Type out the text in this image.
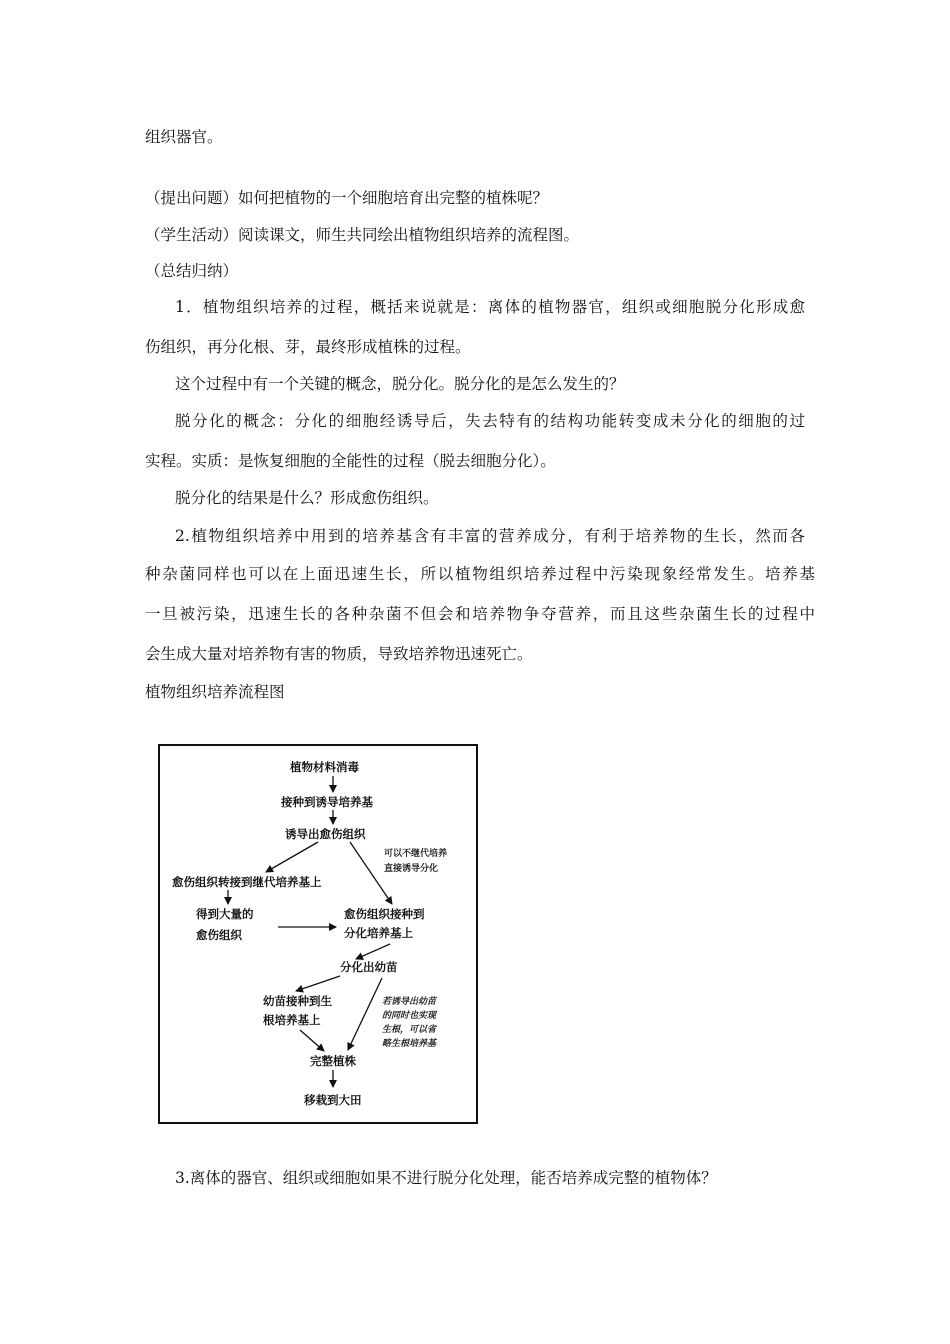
组织器官。

（提出问题）如何把植物的一个细胞培育出完整的植株呢？

（学生活动）阅读课文，师生共同绘出植物组织培养的流程图。

（总结归纳）

1．植物组织培养的过程，概括来说就是：离体的植物器官，组织或细胞脱分化形成愈

伤组织，再分化根、芽，最终形成植株的过程。

这个过程中有一个关键的概念，脱分化。脱分化的是怎么发生的？

脱分化的概念：分化的细胞经诱导后，失去特有的结构功能转变成未分化的细胞的过

实程。实质：是恢复细胞的全能性的过程（脱去细胞分化）。

脱分化的结果是什么？形成愈伤组织。

2.植物组织培养中用到的培养基含有丰富的营养成分，有利于培养物的生长，然而各

种杂菌同样也可以在上面迅速生长，所以植物组织培养过程中污染现象经常发生。培养基

一旦被污染，迅速生长的各种杂菌不但会和培养物争夺营养，而且这些杂菌生长的过程中

会生成大量对培养物有害的物质，导致培养物迅速死亡。

植物组织培养流程图

植物材料消毒
接种到诱导培养基
诱导出愈伤组织
愈伤组织转接到继代培养基上
得到大量的
愈伤组织
愈伤组织接种到
分化培养基上
分化出幼苗
幼苗接种到生
根培养基上
完整植株
移栽到大田
可以不继代培养
直接诱导分化
若诱导出幼苗
的同时也实现
生根，可以省
略生根培养基

3.离体的器官、组织或细胞如果不进行脱分化处理，能否培养成完整的植物体？
